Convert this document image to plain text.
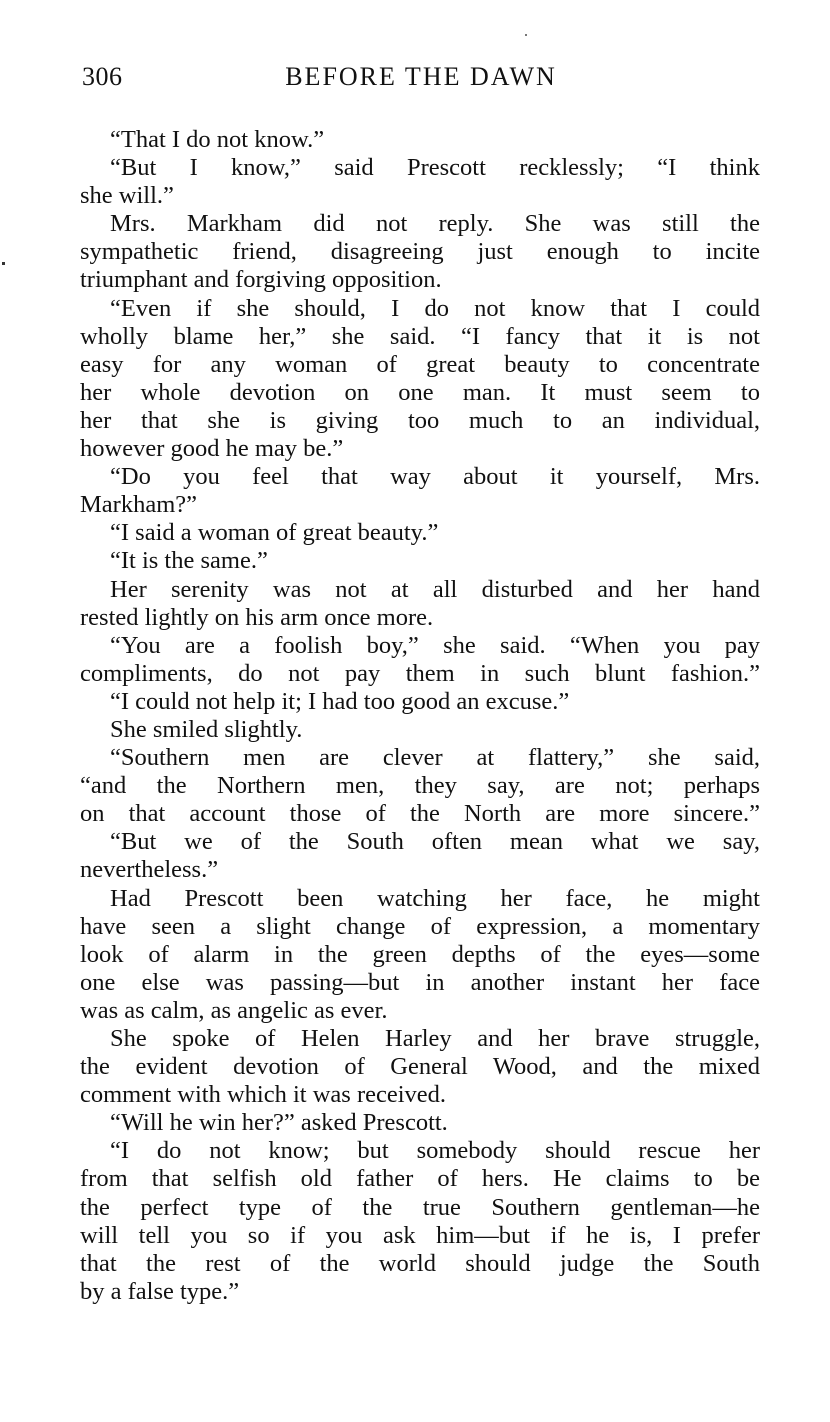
306	BEFORE THE DAWN
“That I do not know.”
“But I know,” said Prescott recklessly; “I think
she will.”
Mrs. Markham did not reply. She was still the
sympathetic friend, disagreeing just enough to incite
triumphant and forgiving opposition.
“Even if she should, I do not know that I could
wholly blame her,” she said. “I fancy that it is not
easy for any woman of great beauty to concentrate
her whole devotion on one man. It must seem to
her that she is giving too much to an individual,
however good he may be.”
“Do you feel that way about it yourself, Mrs.
Markham?”
“I said a woman of great beauty.”
“It is the same.”
Her serenity was not at all disturbed and her hand
rested lightly on his arm once more.
“You are a foolish boy,” she said. “When you pay
compliments, do not pay them in such blunt fashion.”
“I could not help it; I had too good an excuse.”
She smiled slightly.
“Southern men are clever at flattery,” she said,
“and the Northern men, they say, are not; perhaps
on that account those of the North are more sincere.”
“But we of the South often mean what we say,
nevertheless.”
Had Prescott been watching her face, he might
have seen a slight change of expression, a momentary
look of alarm in the green depths of the eyes—some
one else was passing—but in another instant her face
was as calm, as angelic as ever.
She spoke of Helen Harley and her brave struggle,
the evident devotion of General Wood, and the mixed
comment with which it was received.
“Will he win her?” asked Prescott.
“I do not know; but somebody should rescue her
from that selfish old father of hers. He claims to be
the perfect type of the true Southern gentleman—he
will tell you so if you ask him—but if he is, I prefer
that the rest of the world should judge the South
by a false type.”
